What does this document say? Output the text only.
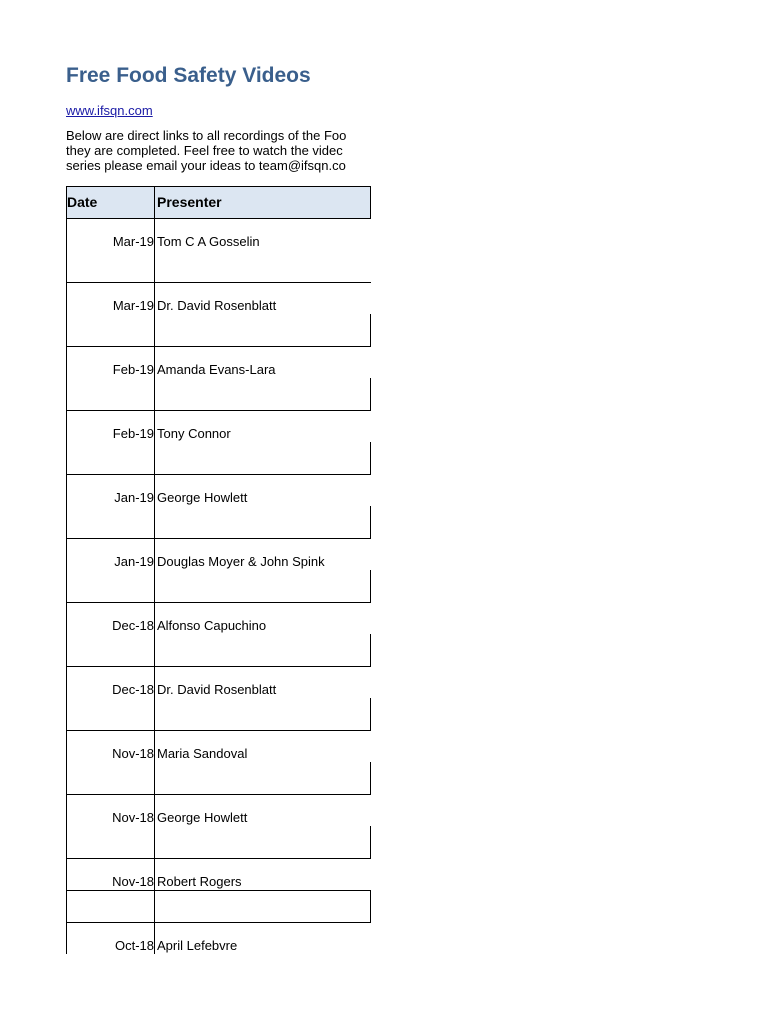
Free Food Safety Videos
www.ifsqn.com
Below are direct links to all recordings of the Foo
they are completed. Feel free to watch the videc
series please email your ideas to team@ifsqn.co
Date	Presenter
Mar-19 Tom C A Gosselin
Mar-19 Dr. David Rosenblatt
Feb-19 Amanda Evans-Lara
Feb-19 Tony Connor
Jan-19 George Howlett
Jan-19 Douglas Moyer & John Spink
Dec-18 Alfonso Capuchino
Dec-18 Dr. David Rosenblatt
Nov-18 Maria Sandoval
Nov-18 George Howlett
Nov-18 Robert Rogers
Oct-18 April Lefebvre
